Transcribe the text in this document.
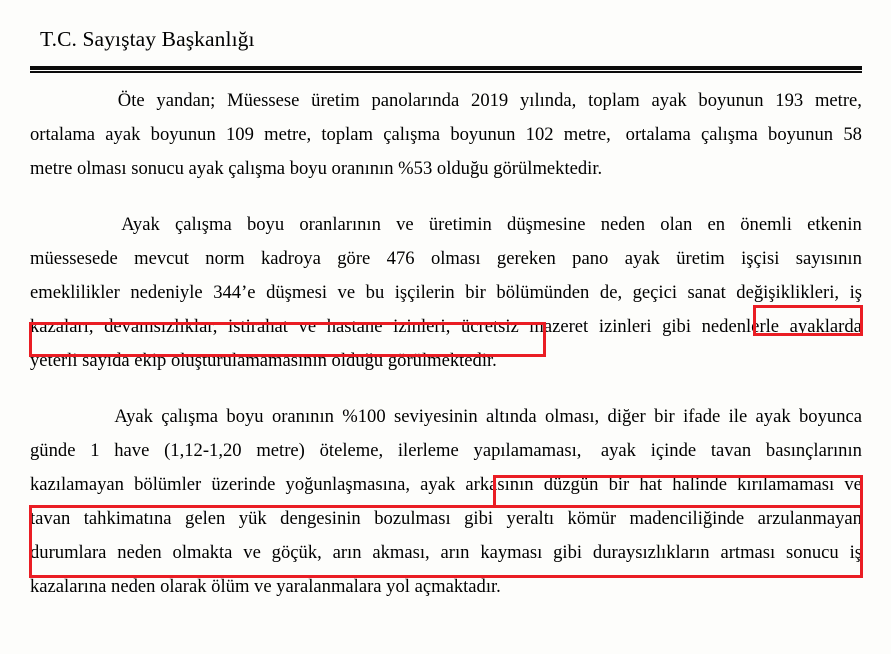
T.C. Sayıştay Başkanlığı
Öte yandan; Müessese üretim panolarında 2019 yılında, toplam ayak boyunun 193 metre,
ortalama ayak boyunun 109 metre, toplam çalışma boyunun 102 metre, ortalama çalışma boyunun 58
metre olması sonucu ayak çalışma boyu oranının %53 olduğu görülmektedir.
Ayak çalışma boyu oranlarının ve üretimin düşmesine neden olan en önemli etkenin
müessesede mevcut norm kadroya göre 476 olması gereken pano ayak üretim işçisi sayısının
emeklilikler nedeniyle 344’e düşmesi ve bu işçilerin bir bölümünden de, geçici sanat değişiklikleri, iş
kazaları, devamsızlıklar, istirahat ve hastane izinleri, ücretsiz mazeret izinleri gibi nedenlerle ayaklarda
yeterli sayıda ekip oluşturulamamasının olduğu görülmektedir.
Ayak çalışma boyu oranının %100 seviyesinin altında olması, diğer bir ifade ile ayak boyunca
günde 1 have (1,12-1,20 metre) öteleme, ilerleme yapılamaması, ayak içinde tavan basınçlarının
kazılamayan bölümler üzerinde yoğunlaşmasına, ayak arkasının düzgün bir hat halinde kırılamaması ve
tavan tahkimatına gelen yük dengesinin bozulması gibi yeraltı kömür madenciliğinde arzulanmayan
durumlara neden olmakta ve göçük, arın akması, arın kayması gibi duraysızlıkların artması sonucu iş
kazalarına neden olarak ölüm ve yaralanmalara yol açmaktadır.
